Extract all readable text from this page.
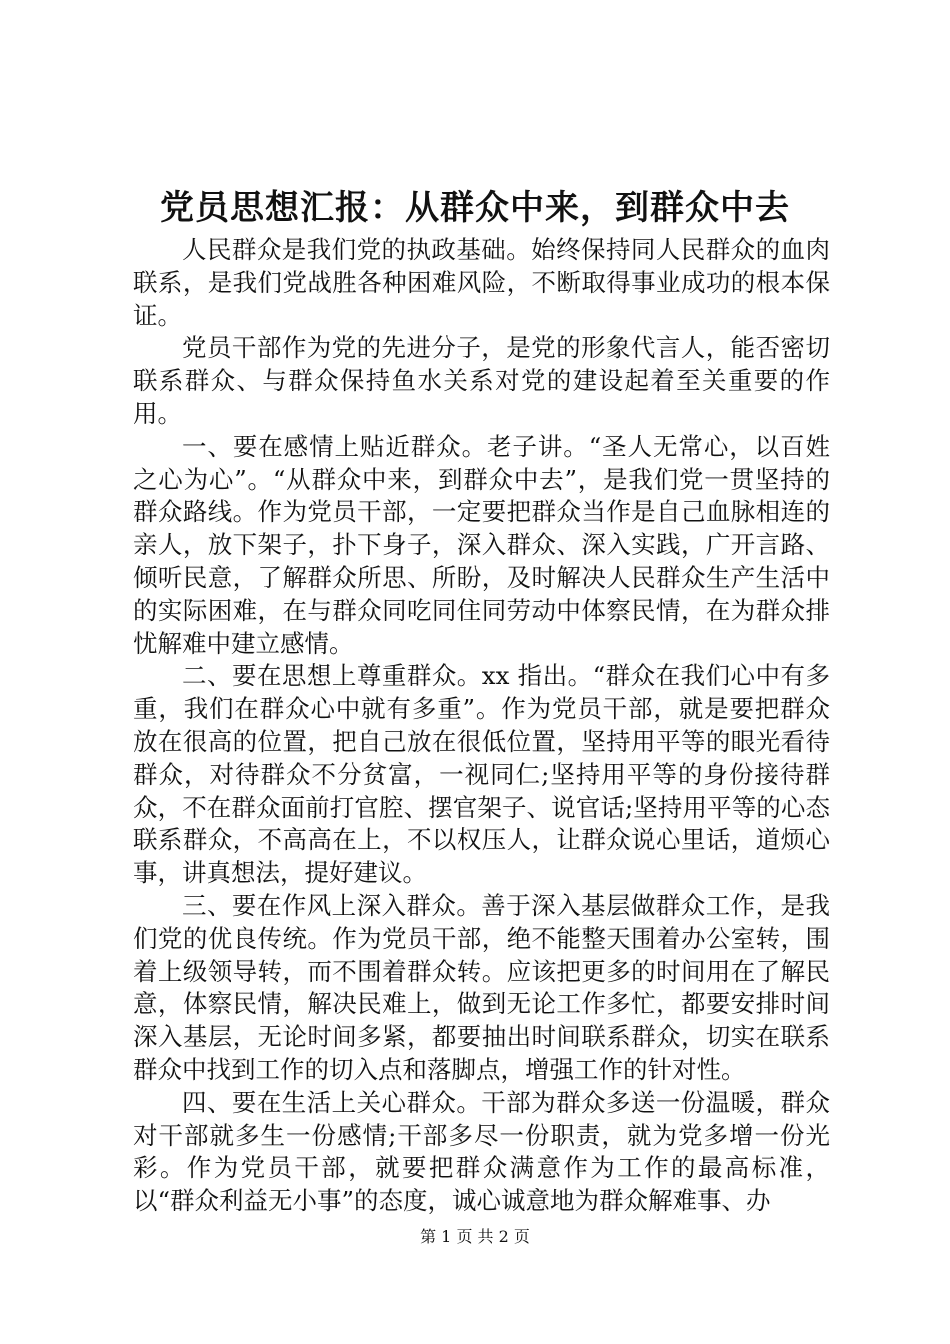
党员思想汇报：从群众中来，到群众中去

人民群众是我们党的执政基础。始终保持同人民群众的血肉联系，是我们党战胜各种困难风险，不断取得事业成功的根本保证。

党员干部作为党的先进分子，是党的形象代言人，能否密切联系群众、与群众保持鱼水关系对党的建设起着至关重要的作用。

一、要在感情上贴近群众。老子讲。“圣人无常心，以百姓之心为心”。“从群众中来，到群众中去”，是我们党一贯坚持的群众路线。作为党员干部，一定要把群众当作是自己血脉相连的亲人，放下架子，扑下身子，深入群众、深入实践，广开言路、倾听民意，了解群众所思、所盼，及时解决人民群众生产生活中的实际困难，在与群众同吃同住同劳动中体察民情，在为群众排忧解难中建立感情。

二、要在思想上尊重群众。xx 指出。“群众在我们心中有多重，我们在群众心中就有多重”。作为党员干部，就是要把群众放在很高的位置，把自己放在很低位置，坚持用平等的眼光看待群众，对待群众不分贫富，一视同仁;坚持用平等的身份接待群众，不在群众面前打官腔、摆官架子、说官话;坚持用平等的心态联系群众，不高高在上，不以权压人，让群众说心里话，道烦心事，讲真想法，提好建议。

三、要在作风上深入群众。善于深入基层做群众工作，是我们党的优良传统。作为党员干部，绝不能整天围着办公室转，围着上级领导转，而不围着群众转。应该把更多的时间用在了解民意，体察民情，解决民难上，做到无论工作多忙，都要安排时间深入基层，无论时间多紧，都要抽出时间联系群众，切实在联系群众中找到工作的切入点和落脚点，增强工作的针对性。

四、要在生活上关心群众。干部为群众多送一份温暖，群众对干部就多生一份感情;干部多尽一份职责，就为党多增一份光彩。作为党员干部，就要把群众满意作为工作的最高标准，以“群众利益无小事”的态度，诚心诚意地为群众解难事、办

第 1 页 共 2 页
